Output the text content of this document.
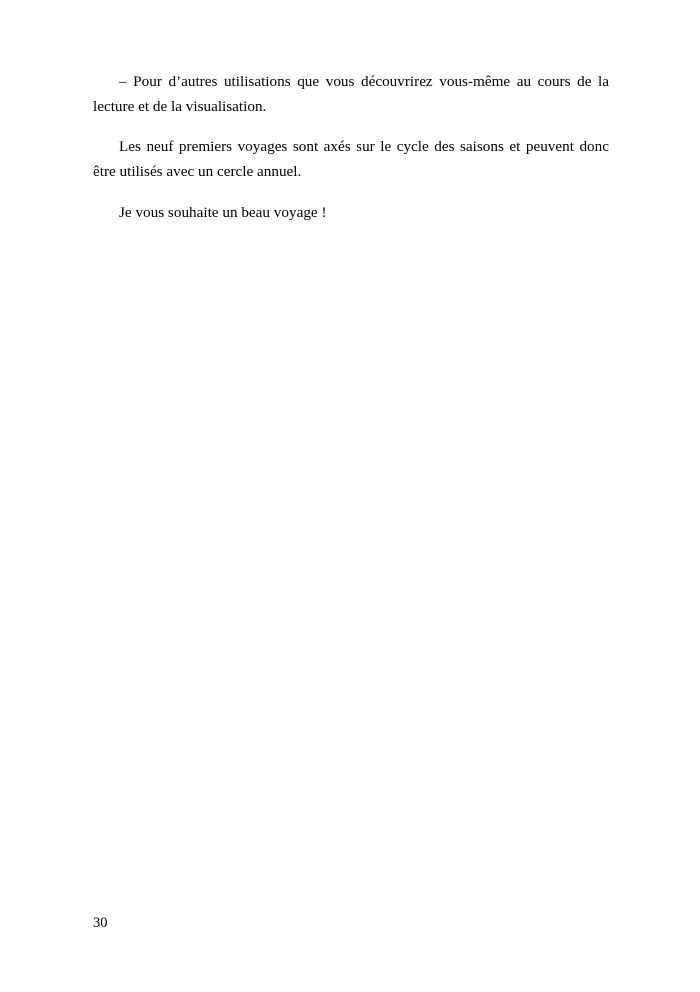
– Pour d’autres utilisations que vous découvrirez vous-même au cours de la lecture et de la visualisation.

Les neuf premiers voyages sont axés sur le cycle des saisons et peuvent donc être utilisés avec un cercle annuel.

Je vous souhaite un beau voyage !

30
